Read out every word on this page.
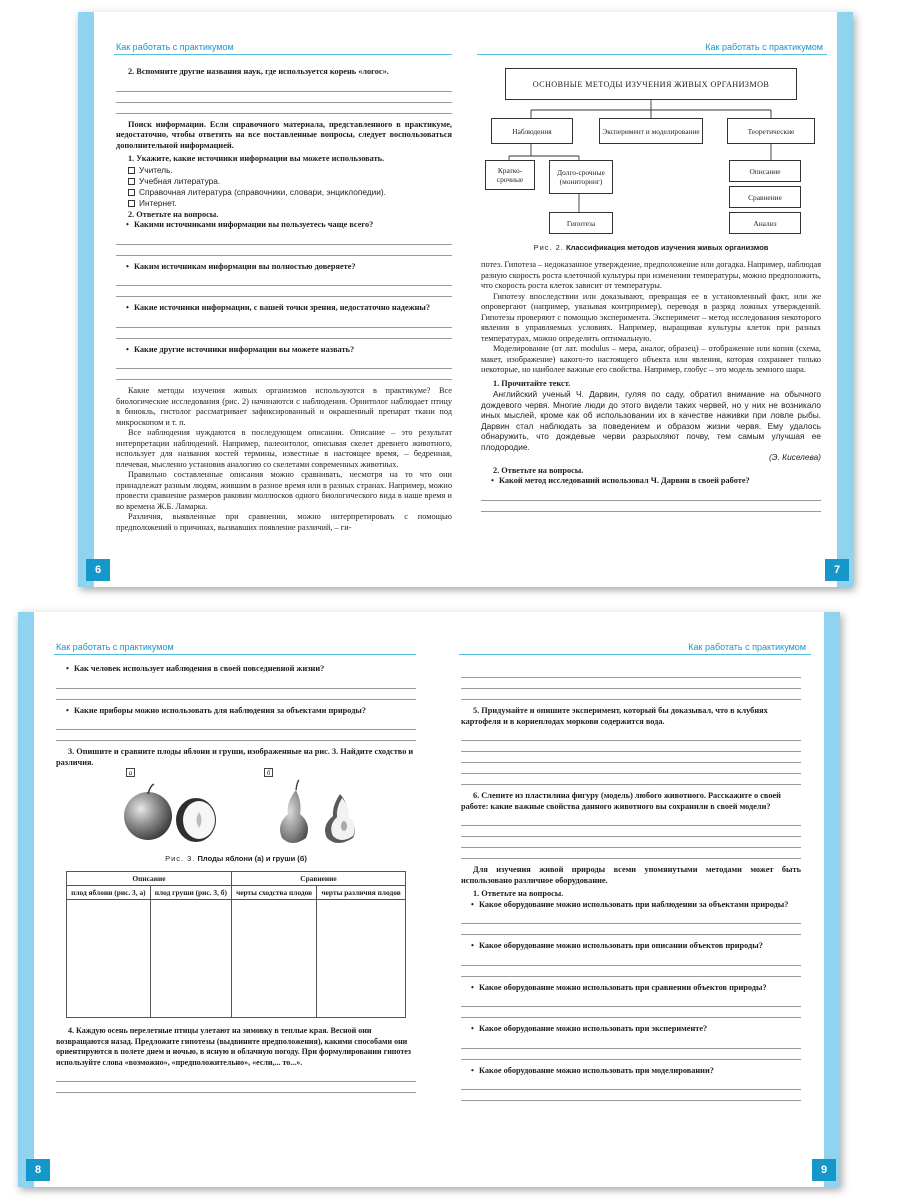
Как работать с практикумом
2. Вспомните другие названия наук, где используется корень «логос».
Поиск информации. Если справочного материала, представленного в практикуме, недостаточно, чтобы ответить на все поставленные вопросы, следует воспользоваться дополнительной информацией.
1. Укажите, какие источники информации вы можете использовать.
Учитель.
Учебная литература.
Справочная литература (справочники, словари, энциклопедии).
Интернет.
2. Ответьте на вопросы.
• Какими источниками информации вы пользуетесь чаще всего?
• Каким источникам информации вы полностью доверяете?
• Какие источники информации, с вашей точки зрения, недостаточно надежны?
• Какие другие источники информации вы можете назвать?
Какие методы изучения живых организмов используются в практикуме? Все биологические исследования (рис. 2) начинаются с наблюдения. Орнитолог наблюдает птицу в бинокль, гистолог рассматривает зафиксированный и окрашенный препарат ткани под микроскопом и т. п.
Все наблюдения нуждаются в последующем описании. Описание – это результат интерпретации наблюдений. Например, палеонтолог, описывая скелет древнего животного, использует для названия костей термины, известные в настоящее время, – бедренная, плечевая, мысленно установив аналогию со скелетами современных животных.
Правильно составленные описания можно сравнивать, несмотря на то что они принадлежат разным людям, жившим в разное время или в разных странах. Например, можно провести сравнение размеров раковин моллюсков одного биологического вида в наше время и во времена Ж.Б. Ламарка.
Различия, выявленные при сравнении, можно интерпретировать с помощью предположений о причинах, вызвавших появление различий, – ги-
6
Как работать с практикумом
ОСНОВНЫЕ МЕТОДЫ ИЗУЧЕНИЯ ЖИВЫХ ОРГАНИЗМОВ
Наблюдения	Эксперимент и моделирование	Теоретические
Кратко-срочные
Долго-срочные (мониторинг)
Гипотеза
Описание
Сравнение
Анализ
Рис. 2. Классификация методов изучения живых организмов
потез. Гипотеза – недоказанное утверждение, предположение или догадка. Например, наблюдая разную скорость роста клеточной культуры при изменении температуры, можно предположить, что скорость роста клеток зависит от температуры.
Гипотезу впоследствии или доказывают, превращая ее в установленный факт, или же опровергают (например, указывая контрпример), переводя в разряд ложных утверждений. Гипотезы проверяют с помощью эксперимента. Эксперимент – метод исследования некоторого явления в управляемых условиях. Например, выращивая культуры клеток при разных температурах, можно определить оптимальную.
Моделирование (от лат. modulus – мера, аналог, образец) – отображение или копия (схема, макет, изображение) какого-то настоящего объекта или явления, которая сохраняет только некоторые, но наиболее важные его свойства. Например, глобус – это модель земного шара.
1. Прочитайте текст.
Английский ученый Ч. Дарвин, гуляя по саду, обратил внимание на обычного дождевого червя. Многие люди до этого видели таких червей, но у них не возникало иных мыслей, кроме как об использовании их в качестве наживки при ловле рыбы. Дарвин стал наблюдать за поведением и образом жизни червя. Ему удалось обнаружить, что дождевые черви разрыхляют почву, тем самым улучшая ее плодородие.
(Э. Киселева)
2. Ответьте на вопросы.
• Какой метод исследований использовал Ч. Дарвин в своей работе?
7
Как работать с практикумом
• Как человек использует наблюдения в своей повседневной жизни?
• Какие приборы можно использовать для наблюдения за объектами природы?
3. Опишите и сравните плоды яблони и груши, изображенные на рис. 3. Найдите сходство и различия.
а	б
Рис. 3. Плоды яблони (а) и груши (б)
Описание		Сравнение	
плод яблони (рис. 3, а)	плод груши (рис. 3, б)	черты сходства плодов	черты различия плодов

4. Каждую осень перелетные птицы улетают на зимовку в теплые края. Весной они возвращаются назад. Предложите гипотезы (выдвините предположения), какими способами они ориентируются в полете днем и ночью, в ясную и облачную погоду. При формулировании гипотез используйте слова «возможно», «предположительно», «если,... то...».
8
Как работать с практикумом
5. Придумайте и опишите эксперимент, который бы доказывал, что в клубнях картофеля и в корнеплодах моркови содержится вода.
6. Слепите из пластилина фигуру (модель) любого животного. Расскажите о своей работе: какие важные свойства данного животного вы сохранили в своей модели?
Для изучения живой природы всеми упомянутыми методами может быть использовано различное оборудование.
1. Ответьте на вопросы.
• Какое оборудование можно использовать при наблюдении за объектами природы?
• Какое оборудование можно использовать при описании объектов природы?
• Какое оборудование можно использовать при сравнении объектов природы?
• Какое оборудование можно использовать при эксперименте?
• Какое оборудование можно использовать при моделировании?
9
